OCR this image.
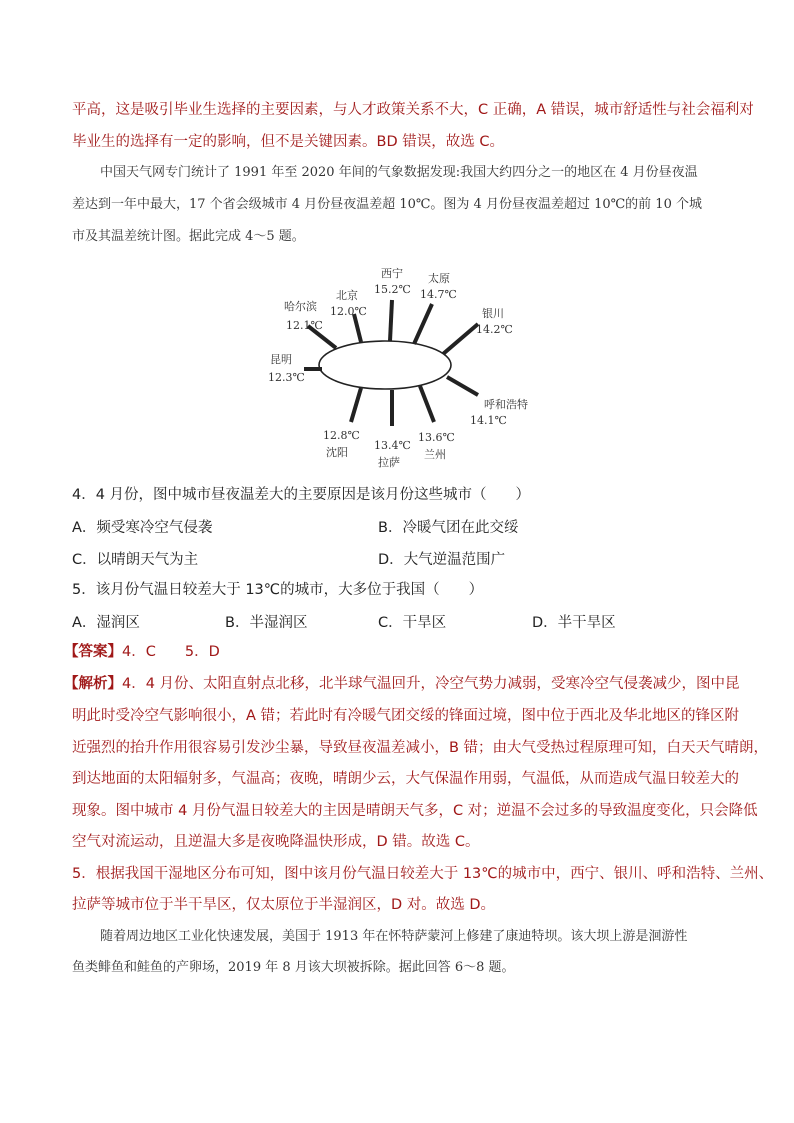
平高，这是吸引毕业生选择的主要因素，与人才政策关系不大，C 正确，A 错误，城市舒适性与社会福利对
毕业生的选择有一定的影响，但不是关键因素。BD 错误，故选 C。
中国天气网专门统计了 1991 年至 2020 年间的气象数据发现:我国大约四分之一的地区在 4 月份昼夜温
差达到一年中最大，17 个省会级城市 4 月份昼夜温差超 10℃。图为 4 月份昼夜温差超过 10℃的前 10 个城
市及其温差统计图。据此完成 4～5 题。
哈尔滨
12.1℃
北京
12.0℃
西宁
15.2℃
太原
14.7℃
银川
14.2℃
呼和浩特
14.1℃
13.6℃
兰州
13.4℃
拉萨
12.8℃
沈阳
昆明
12.3℃
4．4 月份，图中城市昼夜温差大的主要原因是该月份这些城市（　　）
A．频受寒冷空气侵袭	B．冷暖气团在此交绥
C．以晴朗天气为主	D．大气逆温范围广
5．该月份气温日较差大于 13℃的城市，大多位于我国（　　）
A．湿润区	B．半湿润区	C．干旱区	D．半干旱区
【答案】4．C　　5．D
【解析】4．4 月份、太阳直射点北移，北半球气温回升，冷空气势力减弱，受寒冷空气侵袭减少，图中昆
明此时受冷空气影响很小，A 错；若此时有冷暖气团交绥的锋面过境，图中位于西北及华北地区的锋区附
近强烈的抬升作用很容易引发沙尘暴，导致昼夜温差减小，B 错；由大气受热过程原理可知，白天天气晴朗，
到达地面的太阳辐射多，气温高；夜晚，晴朗少云，大气保温作用弱，气温低，从而造成气温日较差大的
现象。图中城市 4 月份气温日较差大的主因是晴朗天气多，C 对；逆温不会过多的导致温度变化，只会降低
空气对流运动，且逆温大多是夜晚降温快形成，D 错。故选 C。
5．根据我国干湿地区分布可知，图中该月份气温日较差大于 13℃的城市中，西宁、银川、呼和浩特、兰州、
拉萨等城市位于半干旱区，仅太原位于半湿润区，D 对。故选 D。
随着周边地区工业化快速发展，美国于 1913 年在怀特萨蒙河上修建了康迪特坝。该大坝上游是洄游性
鱼类鲱鱼和鲑鱼的产卵场，2019 年 8 月该大坝被拆除。据此回答 6～8 题。
